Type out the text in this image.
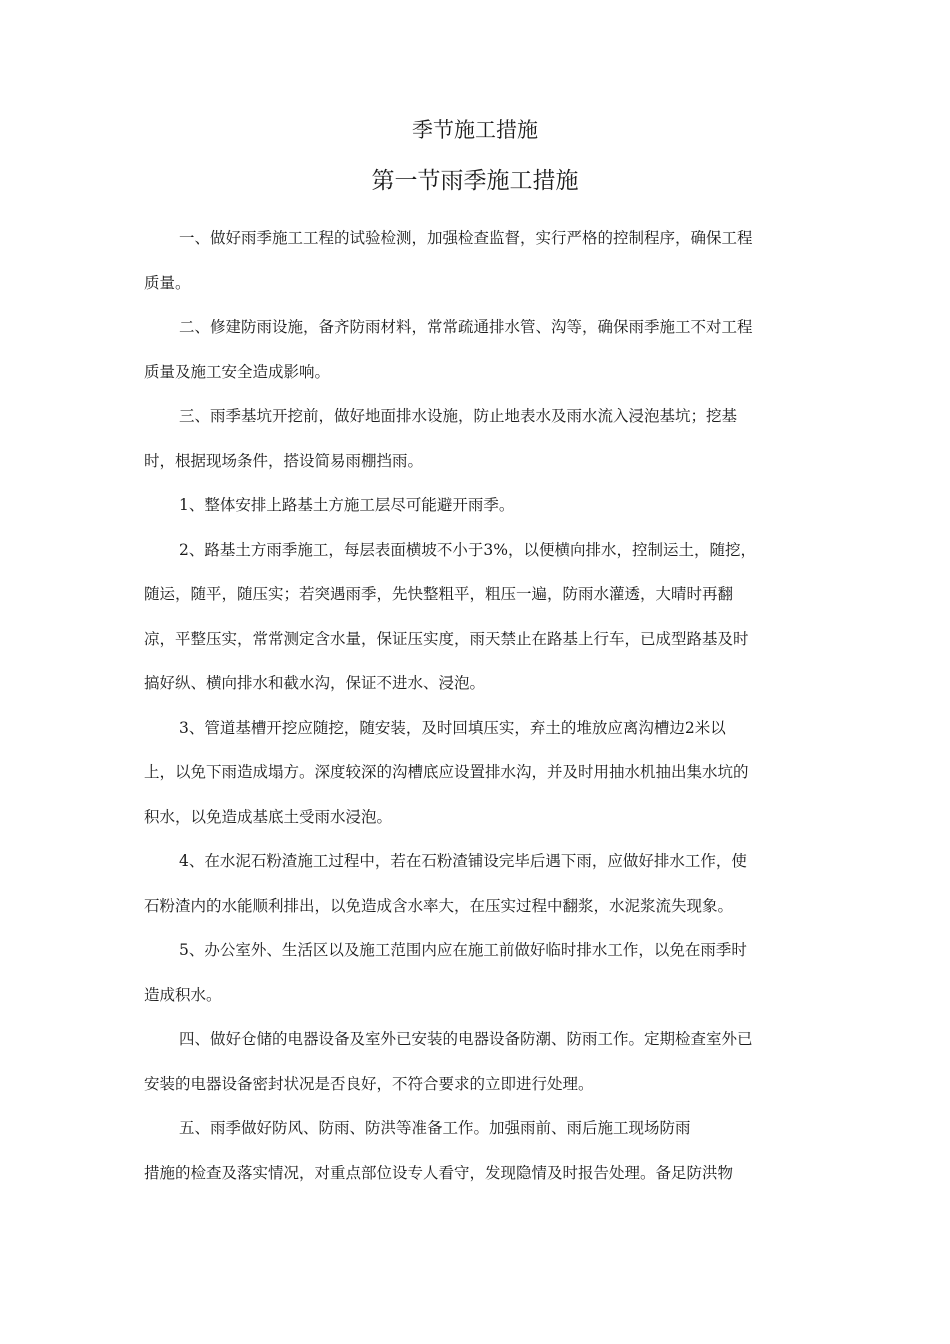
季节施工措施
第一节雨季施工措施
一、做好雨季施工工程的试验检测，加强检查监督，实行严格的控制程序，确保工程
质量。
二、修建防雨设施，备齐防雨材料，常常疏通排水管、沟等，确保雨季施工不对工程
质量及施工安全造成影响。
三、雨季基坑开挖前，做好地面排水设施，防止地表水及雨水流入浸泡基坑；挖基
时，根据现场条件，搭设简易雨棚挡雨。
1、整体安排上路基土方施工层尽可能避开雨季。
2、路基土方雨季施工，每层表面横坡不小于3%，以便横向排水，控制运土，随挖，
随运，随平，随压实；若突遇雨季，先快整粗平，粗压一遍，防雨水灌透，大晴时再翻
凉，平整压实，常常测定含水量，保证压实度，雨天禁止在路基上行车，已成型路基及时
搞好纵、横向排水和截水沟，保证不进水、浸泡。
3、管道基槽开挖应随挖，随安装，及时回填压实，弃土的堆放应离沟槽边2米以
上，以免下雨造成塌方。深度较深的沟槽底应设置排水沟，并及时用抽水机抽出集水坑的
积水，以免造成基底土受雨水浸泡。
4、在水泥石粉渣施工过程中，若在石粉渣铺设完毕后遇下雨，应做好排水工作，使
石粉渣内的水能顺利排出，以免造成含水率大，在压实过程中翻浆，水泥浆流失现象。
5、办公室外、生活区以及施工范围内应在施工前做好临时排水工作，以免在雨季时
造成积水。
四、做好仓储的电器设备及室外已安装的电器设备防潮、防雨工作。定期检查室外已
安装的电器设备密封状况是否良好，不符合要求的立即进行处理。
五、雨季做好防风、防雨、防洪等准备工作。加强雨前、雨后施工现场防雨
措施的检查及落实情况，对重点部位设专人看守，发现隐情及时报告处理。备足防洪物
